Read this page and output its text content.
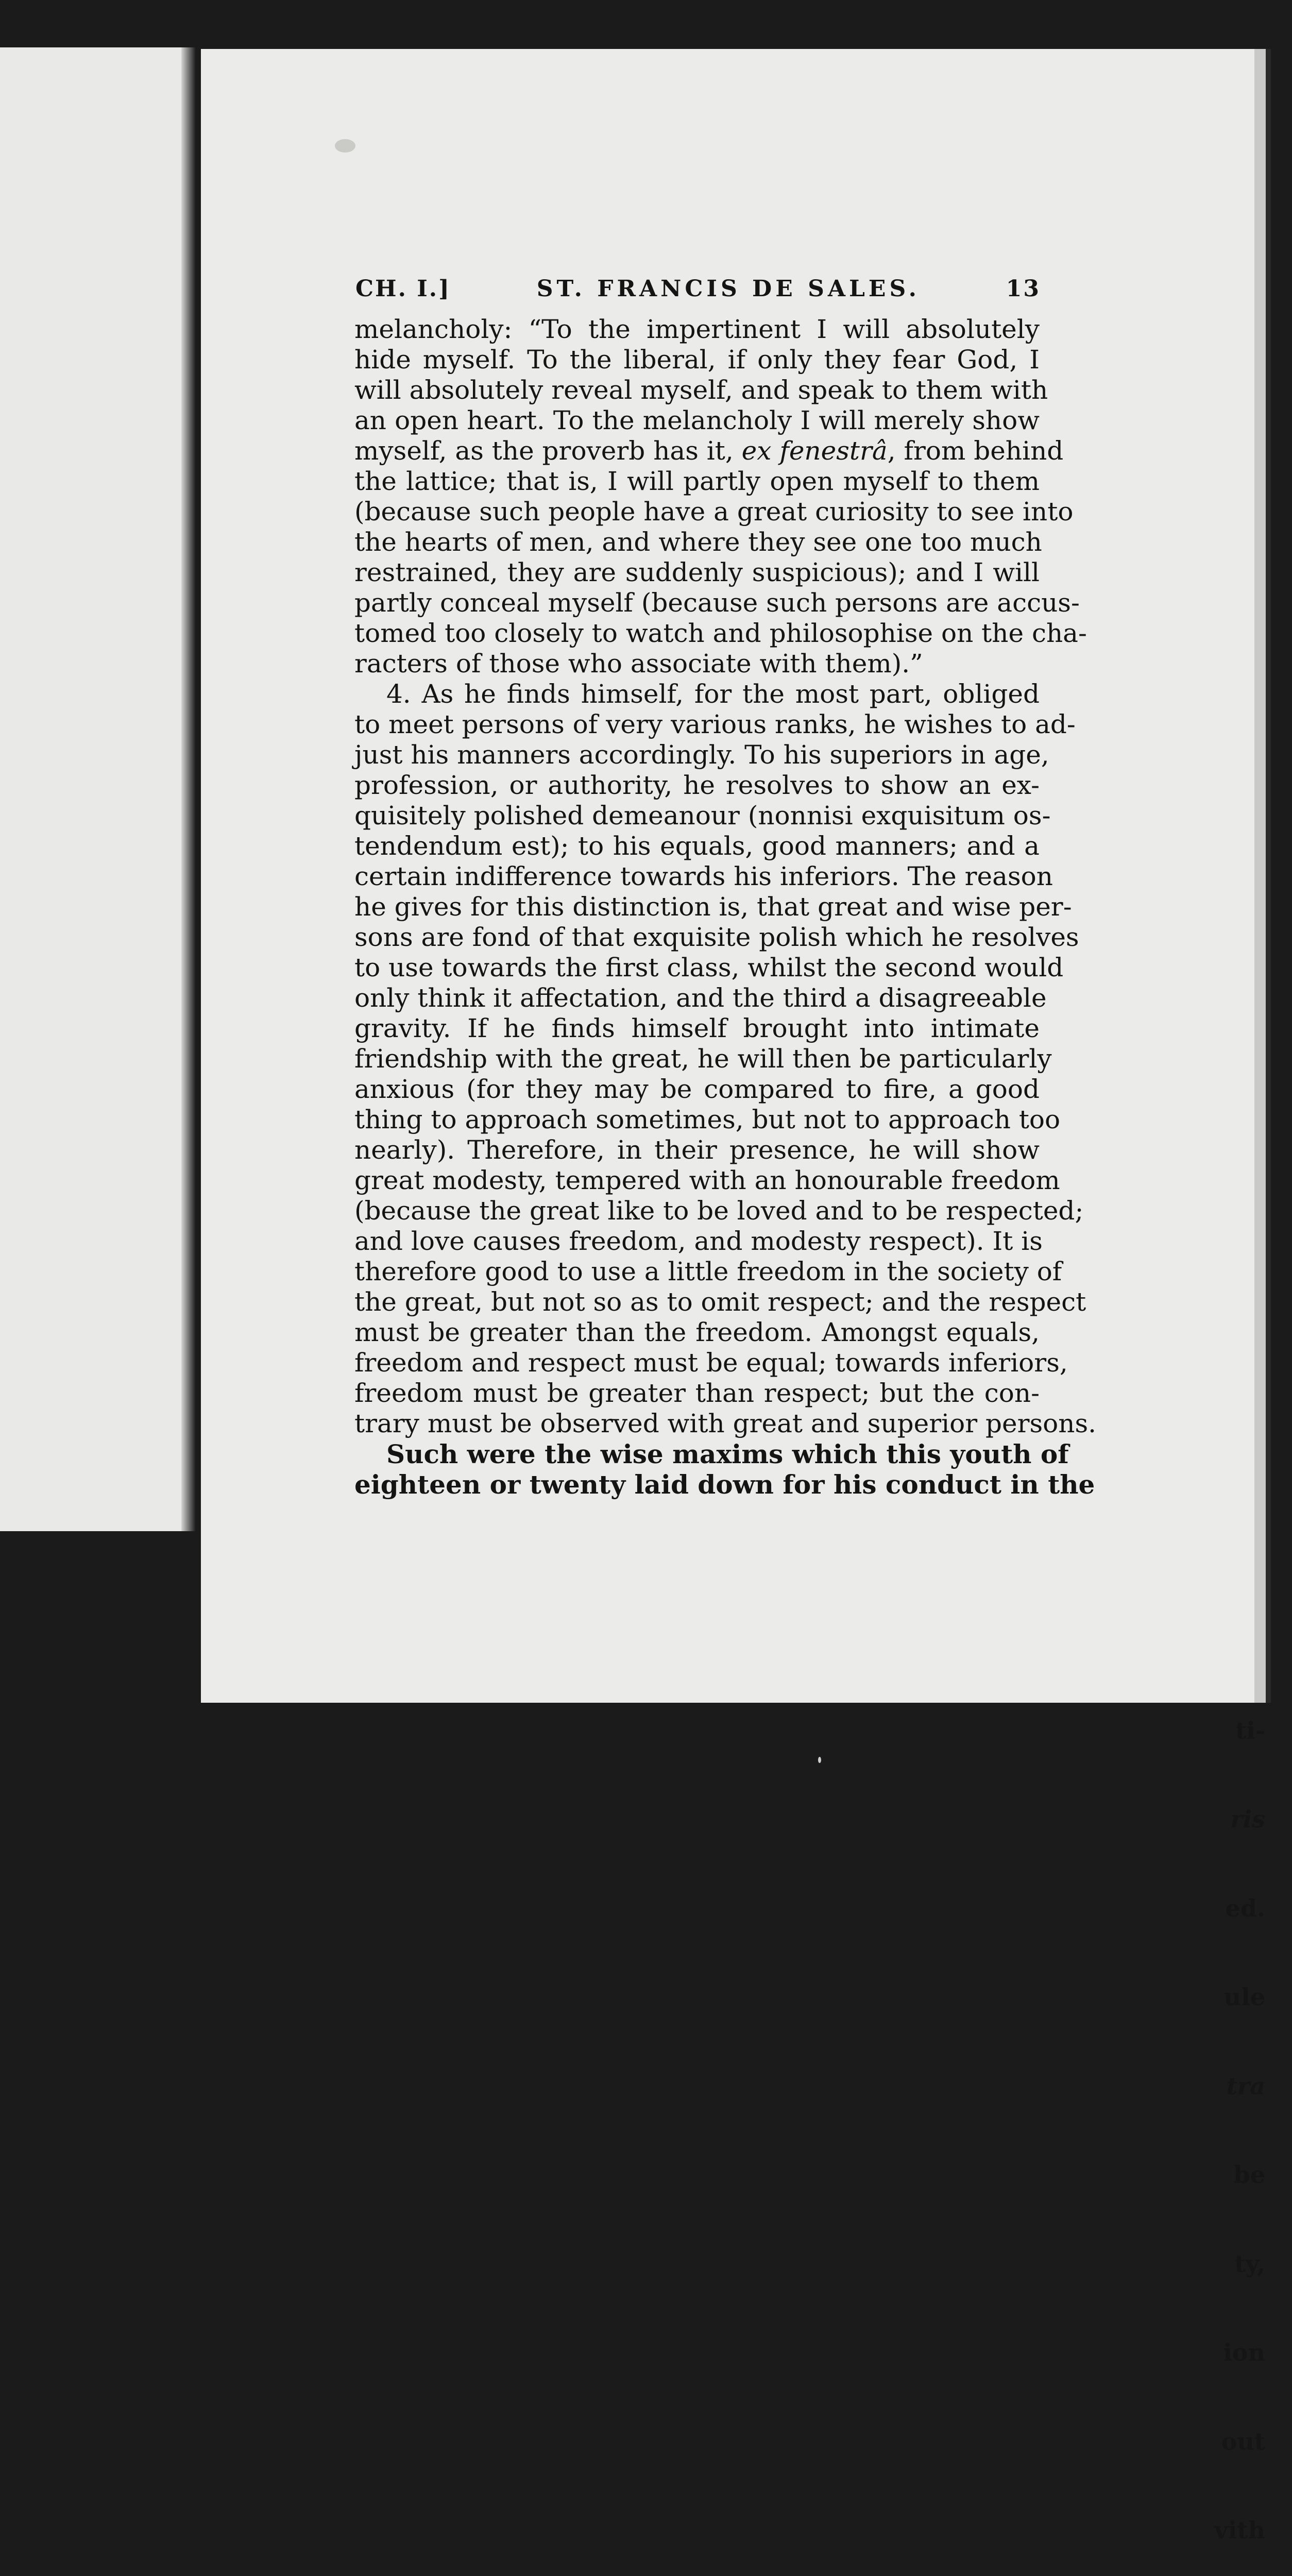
ti-

ris

ed.

ule

tra

be

ty,

ion

out

vith

CH. I.]	ST. FRANCIS DE SALES.	13
melancholy: “To the impertinent I will absolutely
hide myself. To the liberal, if only they fear God, I
will absolutely reveal myself, and speak to them with
an open heart. To the melancholy I will merely show
myself, as the proverb has it, ex fenestrâ, from behind
the lattice; that is, I will partly open myself to them
(because such people have a great curiosity to see into
the hearts of men, and where they see one too much
restrained, they are suddenly suspicious); and I will
partly conceal myself (because such persons are accus-
tomed too closely to watch and philosophise on the cha-
racters of those who associate with them).”
4. As he finds himself, for the most part, obliged
to meet persons of very various ranks, he wishes to ad-
just his manners accordingly. To his superiors in age,
profession, or authority, he resolves to show an ex-
quisitely polished demeanour (nonnisi exquisitum os-
tendendum est); to his equals, good manners; and a
certain indifference towards his inferiors. The reason
he gives for this distinction is, that great and wise per-
sons are fond of that exquisite polish which he resolves
to use towards the first class, whilst the second would
only think it affectation, and the third a disagreeable
gravity. If he finds himself brought into intimate
friendship with the great, he will then be particularly
anxious (for they may be compared to fire, a good
thing to approach sometimes, but not to approach too
nearly). Therefore, in their presence, he will show
great modesty, tempered with an honourable freedom
(because the great like to be loved and to be respected;
and love causes freedom, and modesty respect). It is
therefore good to use a little freedom in the society of
the great, but not so as to omit respect; and the respect
must be greater than the freedom. Amongst equals,
freedom and respect must be equal; towards inferiors,
freedom must be greater than respect; but the con-
trary must be observed with great and superior persons.
Such were the wise maxims which this youth of
eighteen or twenty laid down for his conduct in the
